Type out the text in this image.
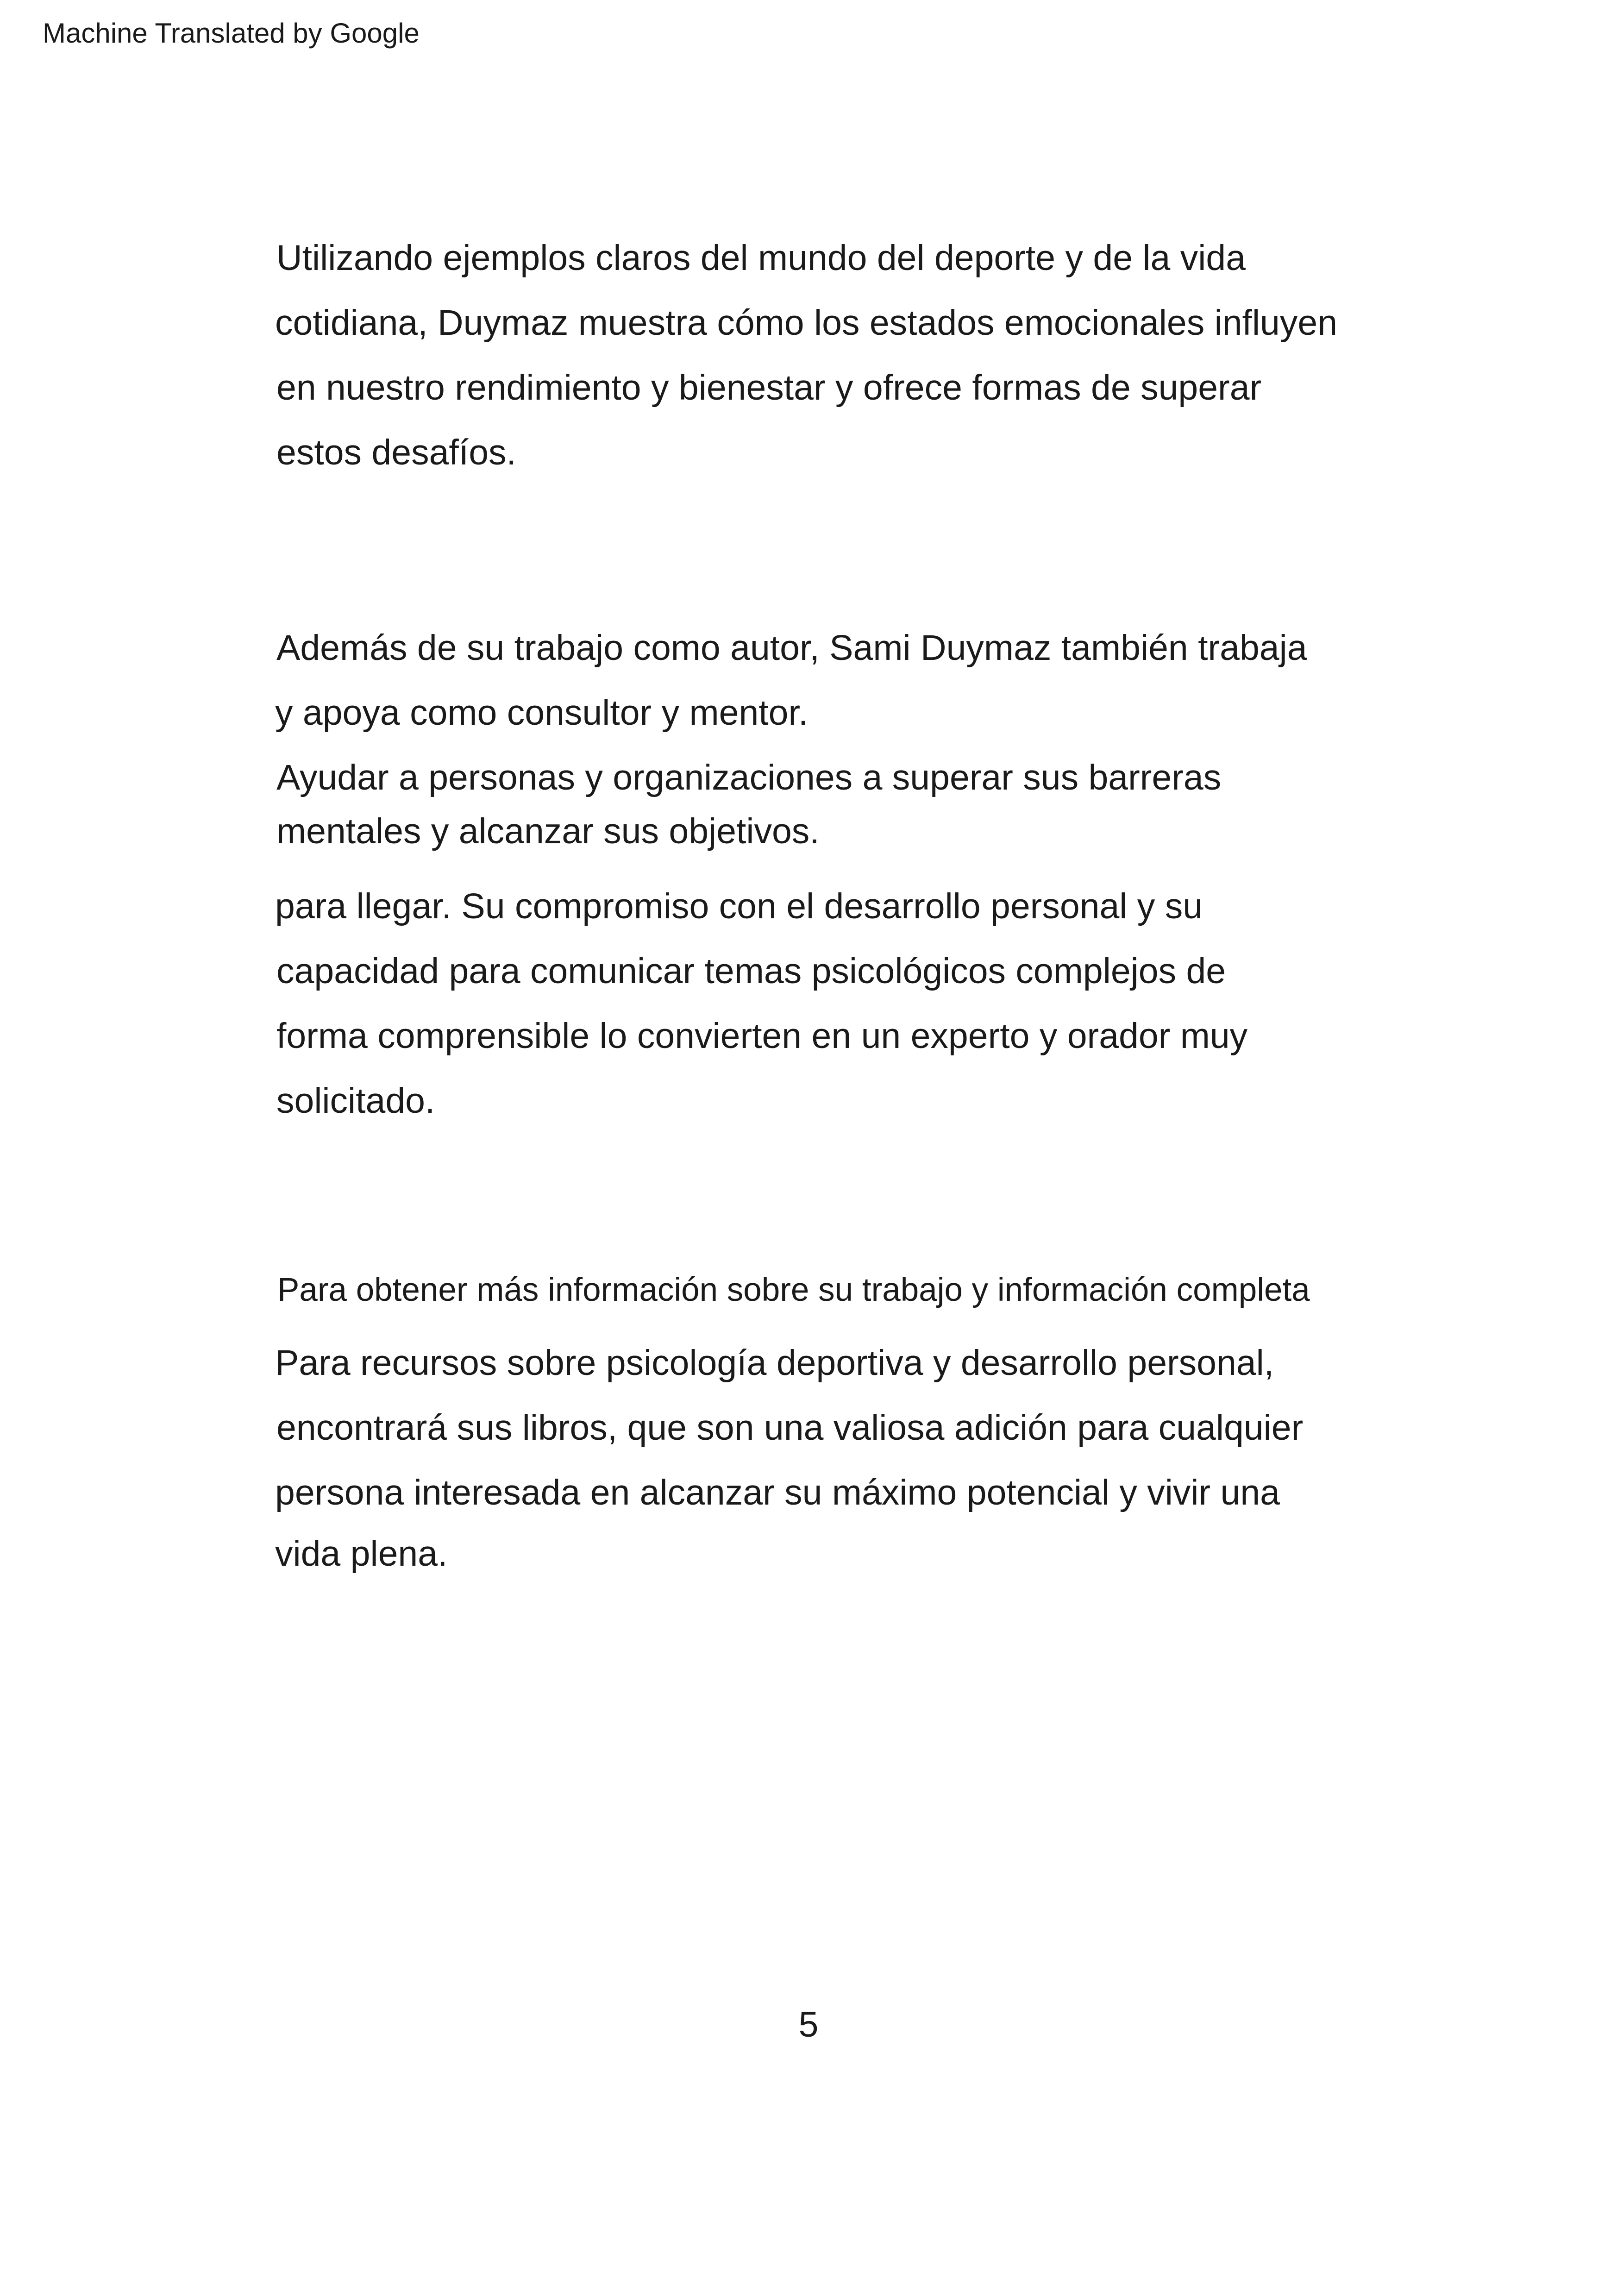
Machine Translated by Google
Utilizando ejemplos claros del mundo del deporte y de la vida
cotidiana, Duymaz muestra cómo los estados emocionales influyen
en nuestro rendimiento y bienestar y ofrece formas de superar
estos desafíos.
Además de su trabajo como autor, Sami Duymaz también trabaja
y apoya como consultor y mentor.
Ayudar a personas y organizaciones a superar sus barreras
mentales y alcanzar sus objetivos.
para llegar. Su compromiso con el desarrollo personal y su
capacidad para comunicar temas psicológicos complejos de
forma comprensible lo convierten en un experto y orador muy
solicitado.
Para obtener más información sobre su trabajo y información completa
Para recursos sobre psicología deportiva y desarrollo personal,
encontrará sus libros, que son una valiosa adición para cualquier
persona interesada en alcanzar su máximo potencial y vivir una
vida plena.
5
